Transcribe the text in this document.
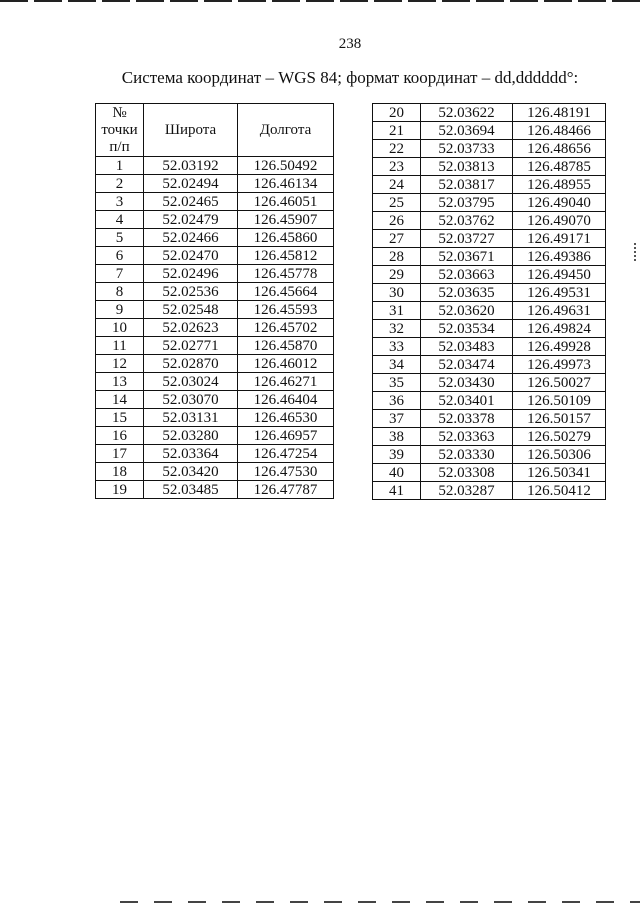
238
Система координат – WGS 84; формат координат – dd,dddddd°:
№
точки
п/п	Широта	Долгота
1	52.03192	126.50492
2	52.02494	126.46134
3	52.02465	126.46051
4	52.02479	126.45907
5	52.02466	126.45860
6	52.02470	126.45812
7	52.02496	126.45778
8	52.02536	126.45664
9	52.02548	126.45593
10	52.02623	126.45702
11	52.02771	126.45870
12	52.02870	126.46012
13	52.03024	126.46271
14	52.03070	126.46404
15	52.03131	126.46530
16	52.03280	126.46957
17	52.03364	126.47254
18	52.03420	126.47530
19	52.03485	126.47787
20	52.03622	126.48191
21	52.03694	126.48466
22	52.03733	126.48656
23	52.03813	126.48785
24	52.03817	126.48955
25	52.03795	126.49040
26	52.03762	126.49070
27	52.03727	126.49171
28	52.03671	126.49386
29	52.03663	126.49450
30	52.03635	126.49531
31	52.03620	126.49631
32	52.03534	126.49824
33	52.03483	126.49928
34	52.03474	126.49973
35	52.03430	126.50027
36	52.03401	126.50109
37	52.03378	126.50157
38	52.03363	126.50279
39	52.03330	126.50306
40	52.03308	126.50341
41	52.03287	126.50412
